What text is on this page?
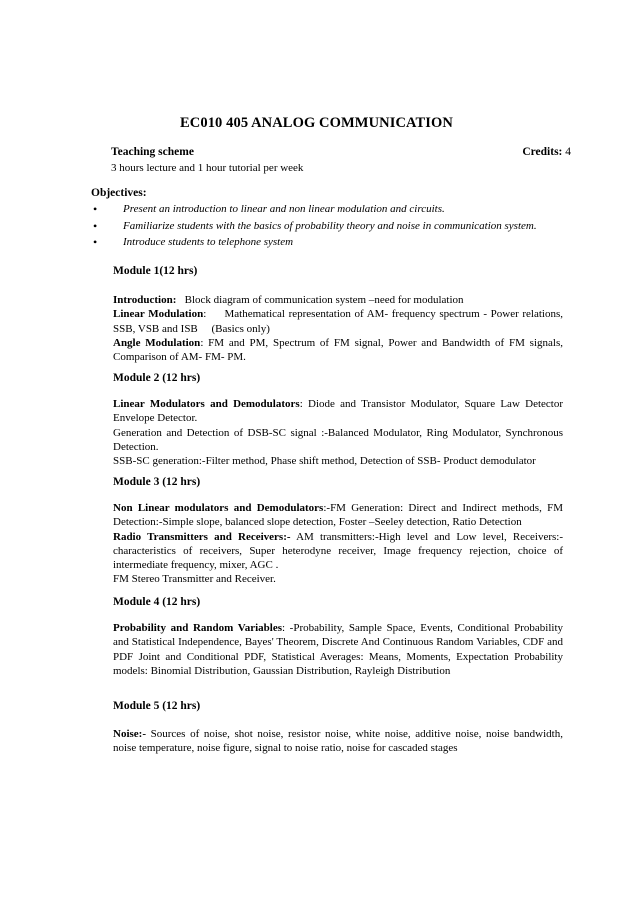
EC010 405 ANALOG COMMUNICATION
Teaching scheme	Credits: 4
3 hours lecture and 1 hour tutorial per week
Objectives:
• Present an introduction to linear and non linear modulation and circuits.
• Familiarize students with the basics of probability theory and noise in communication system.
• Introduce students to telephone system
Module 1(12 hrs)

Introduction:   Block diagram of communication system –need for modulation

Linear Modulation:     Mathematical representation of AM- frequency spectrum - Power relations, SSB, VSB and ISB     (Basics only)

Angle Modulation: FM and PM, Spectrum of FM signal, Power and Bandwidth of FM signals, Comparison of AM- FM- PM.

Module 2 (12 hrs)

Linear Modulators and Demodulators: Diode and Transistor Modulator, Square Law Detector Envelope Detector.

Generation and Detection of DSB-SC signal :-Balanced Modulator, Ring Modulator, Synchronous Detection.

SSB-SC generation:-Filter method, Phase shift method, Detection of SSB- Product demodulator

Module 3 (12 hrs)

Non Linear modulators and Demodulators:-FM Generation: Direct and Indirect methods, FM Detection:-Simple slope, balanced slope detection, Foster –Seeley detection, Ratio Detection

Radio Transmitters and Receivers:- AM transmitters:-High level and Low level, Receivers:- characteristics of receivers, Super heterodyne receiver, Image frequency rejection, choice of intermediate frequency, mixer, AGC .

FM Stereo Transmitter and Receiver.

Module 4 (12 hrs)

Probability and Random Variables: -Probability, Sample Space, Events, Conditional Probability and Statistical Independence, Bayes' Theorem, Discrete And Continuous Random Variables, CDF and PDF Joint and Conditional PDF, Statistical Averages: Means, Moments, Expectation Probability models: Binomial Distribution, Gaussian Distribution, Rayleigh Distribution

Module 5 (12 hrs)

Noise:- Sources of noise, shot noise, resistor noise, white noise, additive noise, noise bandwidth, noise temperature, noise figure, signal to noise ratio, noise for cascaded stages
